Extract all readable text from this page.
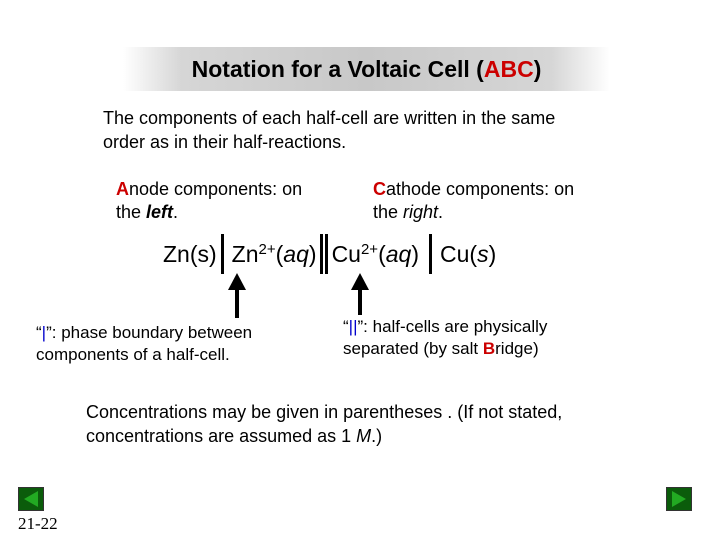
Notation for a Voltaic Cell (ABC)
The components of each half-cell are written in the same
order as in their half-reactions.
Anode components: on
the left.
Cathode components: on
the right.
Zn(s) $Zn^{2+}(aq)$ $Cu^{2+}(aq)$ Cu(s)
“|”: phase boundary between
components of a half-cell.
“||”: half-cells are physically
separated (by salt Bridge)
Concentrations may be given in parentheses . (If not stated,
concentrations are assumed as 1 M.)
21-22
